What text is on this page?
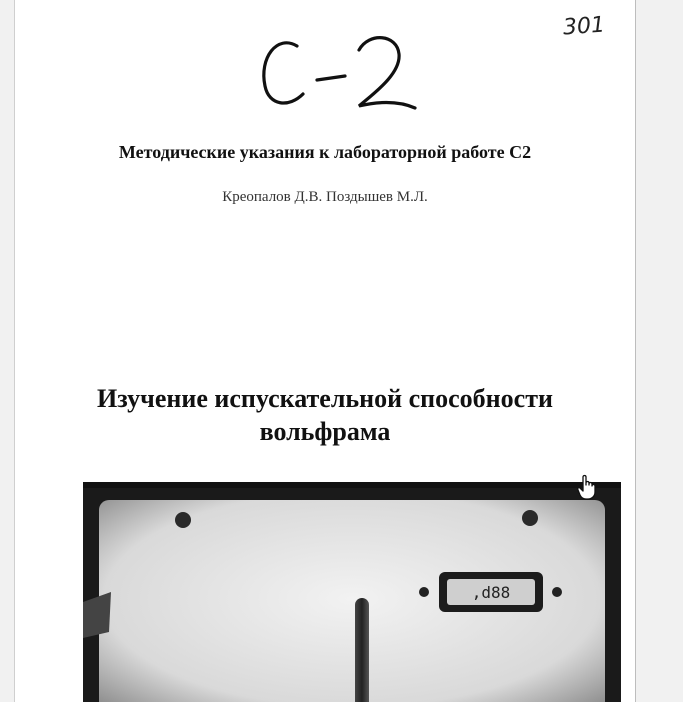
301
Методические указания к лабораторной работе С2
Креопалов Д.В. Поздышев М.Л.
Изучение испускательной способности
вольфрама
,d88
